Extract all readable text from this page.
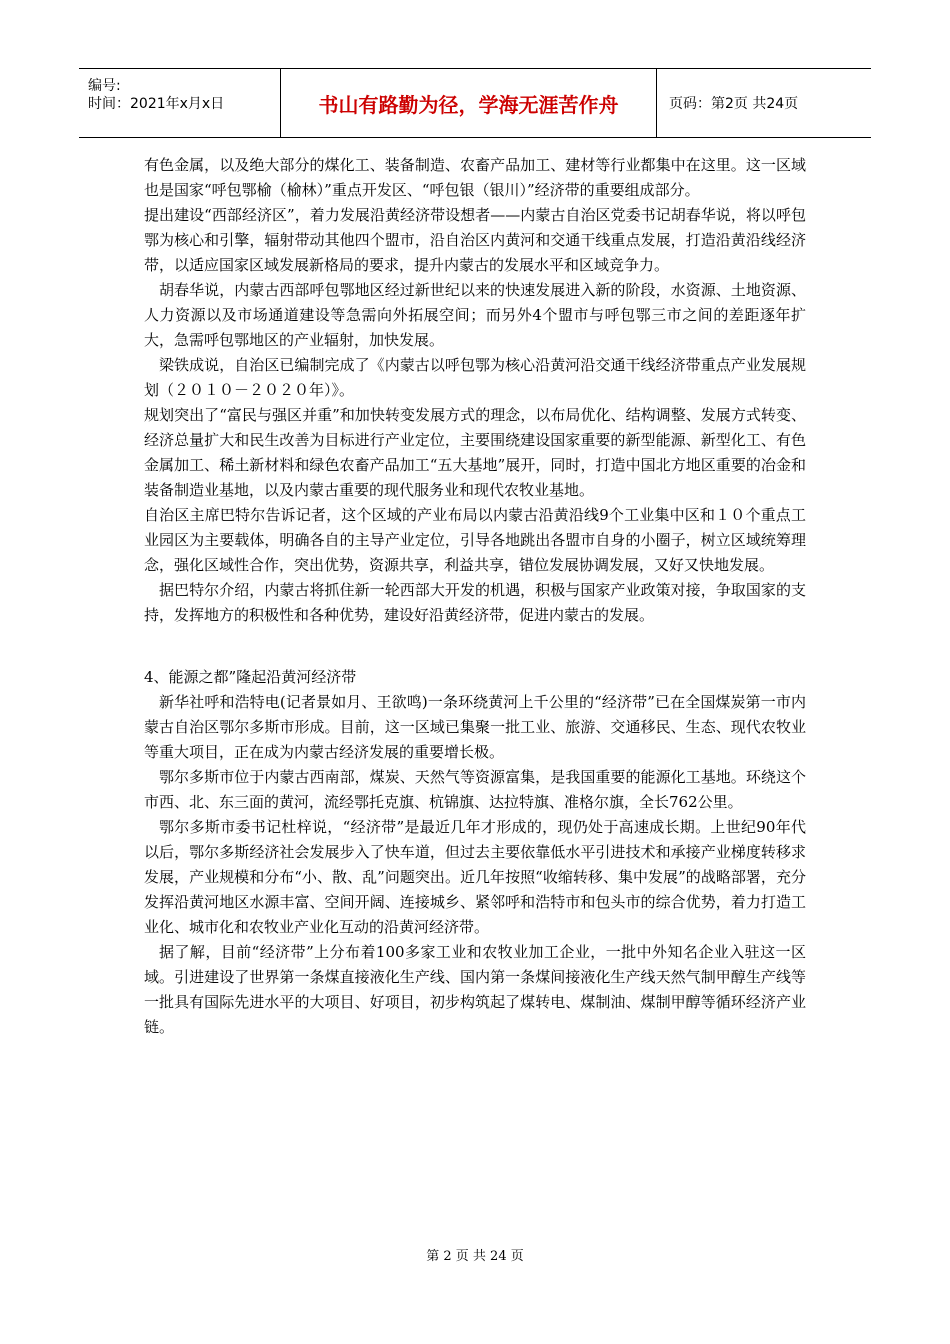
编号:
时间：2021年x月x日	书山有路勤为径，学海无涯苦作舟	页码：第2页 共24页

有色金属，以及绝大部分的煤化工、装备制造、农畜产品加工、建材等行业都集中在这里。这一区域也是国家“呼包鄂榆（榆林）”重点开发区、“呼包银（银川）”经济带的重要组成部分。

提出建设“西部经济区”，着力发展沿黄经济带设想者——内蒙古自治区党委书记胡春华说，将以呼包鄂为核心和引擎，辐射带动其他四个盟市，沿自治区内黄河和交通干线重点发展，打造沿黄沿线经济带，以适应国家区域发展新格局的要求，提升内蒙古的发展水平和区域竞争力。

胡春华说，内蒙古西部呼包鄂地区经过新世纪以来的快速发展进入新的阶段，水资源、土地资源、人力资源以及市场通道建设等急需向外拓展空间；而另外4个盟市与呼包鄂三市之间的差距逐年扩大，急需呼包鄂地区的产业辐射，加快发展。

梁铁成说，自治区已编制完成了《内蒙古以呼包鄂为核心沿黄河沿交通干线经济带重点产业发展规划（２０１０－２０２０年）》。

规划突出了“富民与强区并重”和加快转变发展方式的理念，以布局优化、结构调整、发展方式转变、经济总量扩大和民生改善为目标进行产业定位，主要围绕建设国家重要的新型能源、新型化工、有色金属加工、稀土新材料和绿色农畜产品加工“五大基地”展开，同时，打造中国北方地区重要的冶金和装备制造业基地，以及内蒙古重要的现代服务业和现代农牧业基地。

自治区主席巴特尔告诉记者，这个区域的产业布局以内蒙古沿黄沿线9个工业集中区和１０个重点工业园区为主要载体，明确各自的主导产业定位，引导各地跳出各盟市自身的小圈子，树立区域统筹理念，强化区域性合作，突出优势，资源共享，利益共享，错位发展协调发展，又好又快地发展。

据巴特尔介绍，内蒙古将抓住新一轮西部大开发的机遇，积极与国家产业政策对接，争取国家的支持，发挥地方的积极性和各种优势，建设好沿黄经济带，促进内蒙古的发展。

4、能源之都”隆起沿黄河经济带

新华社呼和浩特电(记者景如月、王欲鸣)一条环绕黄河上千公里的“经济带”已在全国煤炭第一市内蒙古自治区鄂尔多斯市形成。目前，这一区域已集聚一批工业、旅游、交通移民、生态、现代农牧业等重大项目，正在成为内蒙古经济发展的重要增长极。

鄂尔多斯市位于内蒙古西南部，煤炭、天然气等资源富集，是我国重要的能源化工基地。环绕这个市西、北、东三面的黄河，流经鄂托克旗、杭锦旗、达拉特旗、准格尔旗，全长762公里。

鄂尔多斯市委书记杜梓说，“经济带”是最近几年才形成的，现仍处于高速成长期。上世纪90年代以后，鄂尔多斯经济社会发展步入了快车道，但过去主要依靠低水平引进技术和承接产业梯度转移求发展，产业规模和分布“小、散、乱”问题突出。近几年按照“收缩转移、集中发展”的战略部署，充分发挥沿黄河地区水源丰富、空间开阔、连接城乡、紧邻呼和浩特市和包头市的综合优势，着力打造工业化、城市化和农牧业产业化互动的沿黄河经济带。

据了解，目前“经济带”上分布着100多家工业和农牧业加工企业，一批中外知名企业入驻这一区域。引进建设了世界第一条煤直接液化生产线、国内第一条煤间接液化生产线天然气制甲醇生产线等一批具有国际先进水平的大项目、好项目，初步构筑起了煤转电、煤制油、煤制甲醇等循环经济产业链。

第 2 页 共 24 页
